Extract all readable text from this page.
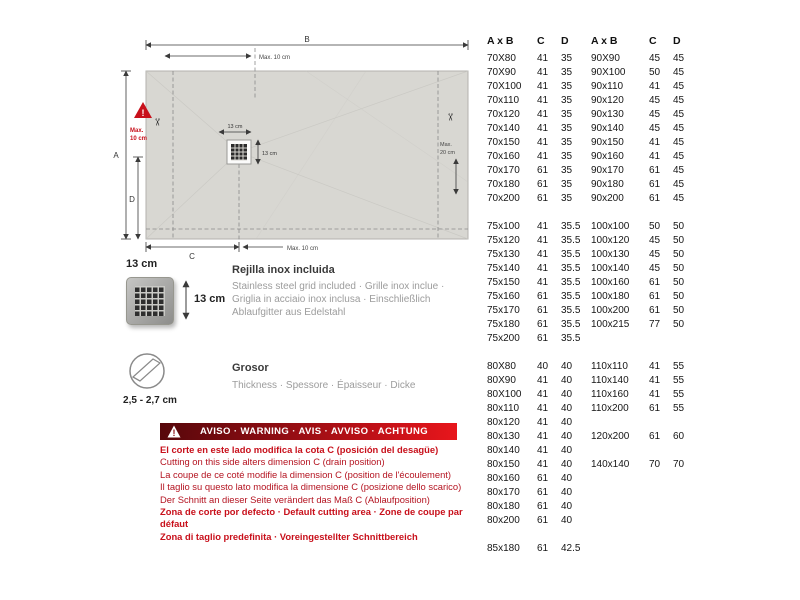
!
✂
✂
B
A
D
C
Max. 10 cm
Max. 10 cm
Max.
20 cm
Max.
10 cm
13 cm
13 cm
13 cm
13 cm
Rejilla inox incluida
Stainless steel grid included · Grille inox inclue · Griglia in acciaio inox inclusa · Einschließlich Ablaufgitter aus Edelstahl
2,5 - 2,7 cm
Grosor
Thickness · Spessore · Épaisseur · Dicke
!	AVISO · WARNING · AVIS · AVVISO · ACHTUNG
El corte en este lado modifica la cota C (posición del desagüe)
Cutting on this side alters dimension C (drain position)
La coupe de ce coté modifie la dimension C (position de l'écoulement)
Il taglio su questo lato modifica la dimensione C (posizione dello scarico)
Der Schnitt an dieser Seite verändert das Maß C (Ablaufposition)
Zona de corte por defecto · Default cutting area · Zone de coupe par défaut
Zona di taglio predefinita · Voreingestellter Schnittbereich
A x B	C	D	A x B	C	D
70X80	41	35	90X90	45	45
70X90	41	35	90X100	50	45
70X100	41	35	90x110	41	45
70x110	41	35	90x120	45	45
70x120	41	35	90x130	45	45
70x140	41	35	90x140	45	45
70x150	41	35	90x150	41	45
70x160	41	35	90x160	41	45
70x170	61	35	90x170	61	45
70x180	61	35	90x180	61	45
70x200	61	35	90x200	61	45

75x100	41	35.5	100x100	50	50
75x120	41	35.5	100x120	45	50
75x130	41	35.5	100x130	45	50
75x140	41	35.5	100x140	45	50
75x150	41	35.5	100x160	61	50
75x160	61	35.5	100x180	61	50
75x170	61	35.5	100x200	61	50
75x180	61	35.5	100x215	77	50
75x200	61	35.5			

80X80	40	40	110x110	41	55
80X90	41	40	110x140	41	55
80X100	41	40	110x160	41	55
80x110	41	40	110x200	61	55
80x120	41	40			
80x130	41	40	120x200	61	60
80x140	41	40			
80x150	41	40	140x140	70	70
80x160	61	40			
80x170	61	40			
80x180	61	40			
80x200	61	40			

85x180	61	42.5			
